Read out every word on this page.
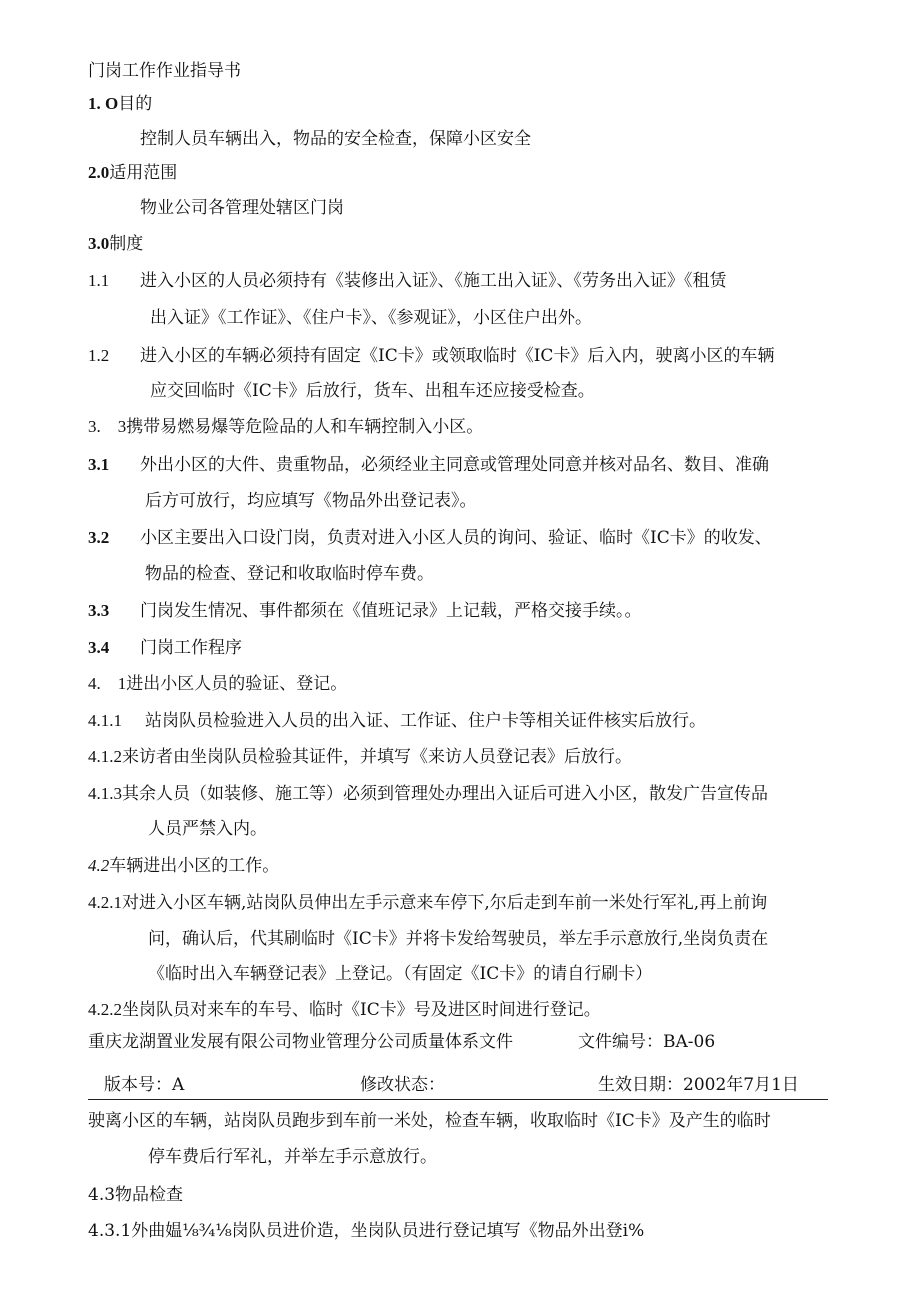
门岗工作作业指导书
1. O目的
控制人员车辆出入，物品的安全检查，保障小区安全
2.0适用范围
物业公司各管理处辖区门岗
3.0制度
1.1 进入小区的人员必须持有《装修出入证》、《施工出入证》、《劳务出入证》《租赁
出入证》《工作证》、《住户卡》、《参观证》，小区住户出外。
1.2 进入小区的车辆必须持有固定《IC卡》或领取临时《IC卡》后入内，驶离小区的车辆
应交回临时《IC卡》后放行，货车、出租车还应接受检查。
3.　3携带易燃易爆等危险品的人和车辆控制入小区。
3.1 外出小区的大件、贵重物品，必须经业主同意或管理处同意并核对品名、数目、准确
后方可放行，均应填写《物品外出登记表》。
3.2 小区主要出入口设门岗，负责对进入小区人员的询问、验证、临时《IC卡》的收发、
物品的检查、登记和收取临时停车费。
3.3 门岗发生情况、事件都须在《值班记录》上记载，严格交接手续。。
3.4 门岗工作程序
4.　1进出小区人员的验证、登记。
4.1.1 站岗队员检验进入人员的出入证、工作证、住户卡等相关证件核实后放行。
4.1.2来访者由坐岗队员检验其证件，并填写《来访人员登记表》后放行。
4.1.3其余人员（如装修、施工等）必须到管理处办理出入证后可进入小区，散发广告宣传品
人员严禁入内。
4.2车辆进出小区的工作。
4.2.1对进入小区车辆,站岗队员伸出左手示意来车停下,尔后走到车前一米处行军礼,再上前询
问，确认后，代其刷临时《IC卡》并将卡发给驾驶员，举左手示意放行,坐岗负责在
《临时出入车辆登记表》上登记。（有固定《IC卡》的请自行刷卡）
4.2.2坐岗队员对来车的车号、临时《IC卡》号及进区时间进行登记。
重庆龙湖置业发展有限公司物业管理分公司质量体系文件	文件编号：BA-06
版本号：A	修改状态：	生效日期：2002年7月1日
驶离小区的车辆，站岗队员跑步到车前一米处，检查车辆，收取临时《IC卡》及产生的临时
停车费后行军礼，并举左手示意放行。
4.3物品检查
4.3.1外曲媪⅛¾⅛岗队员进价造，坐岗队员进行登记填写《物品外出登i%
